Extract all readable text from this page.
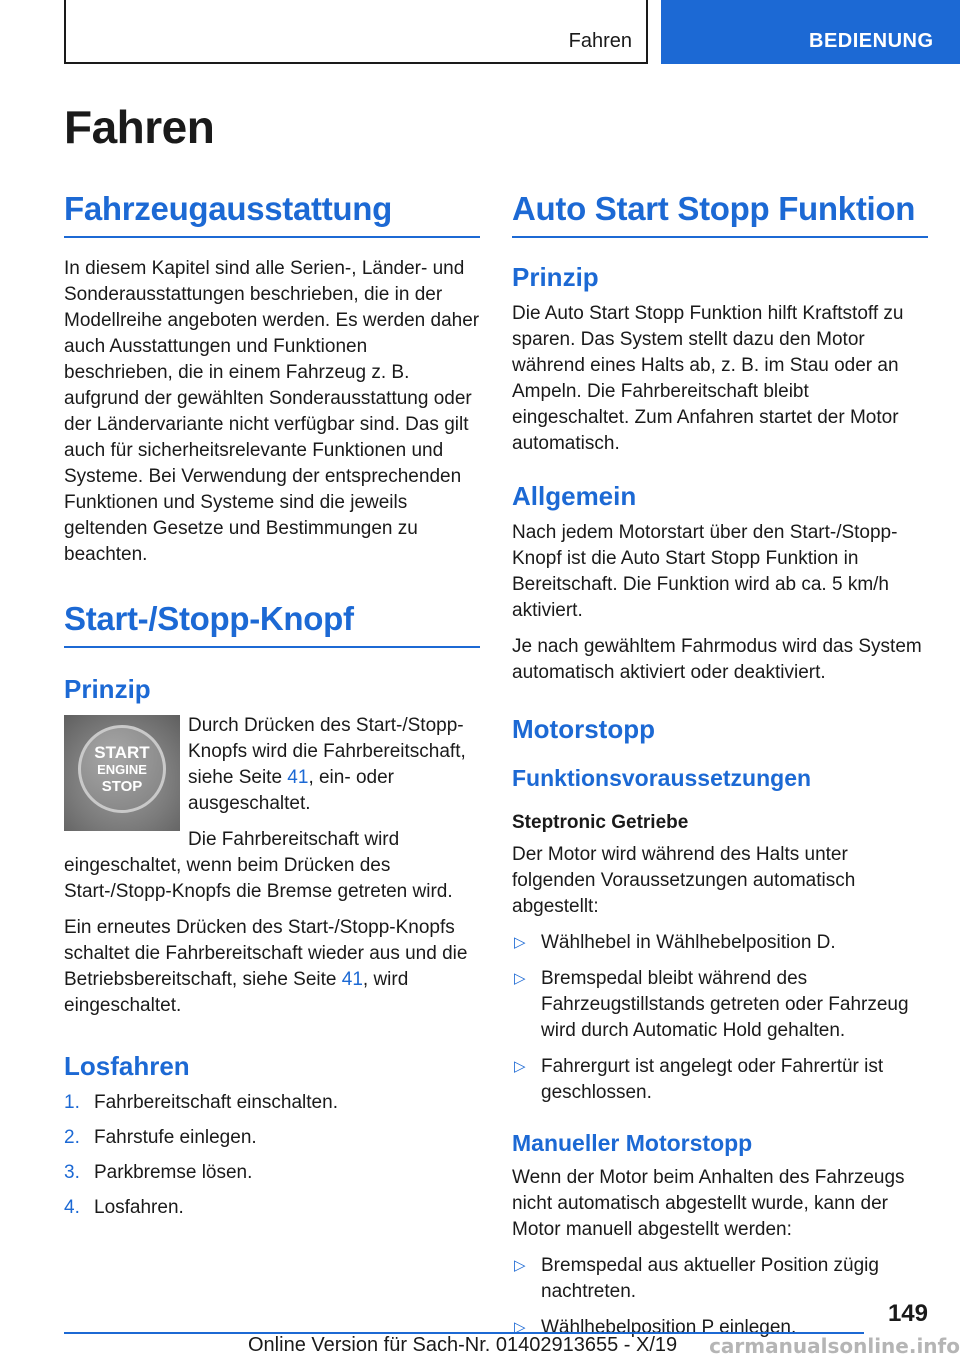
Fahren	BEDIENUNG
Fahren
Fahrzeugausstattung

In diesem Kapitel sind alle Serien-, Länder- und Sonderausstattungen beschrieben, die in der Modellreihe angeboten werden. Es werden daher auch Ausstattungen und Funktionen beschrieben, die in einem Fahrzeug z. B. aufgrund der gewählten Sonderausstattung oder der Ländervariante nicht verfügbar sind. Das gilt auch für sicherheitsrelevante Funktionen und Systeme. Bei Verwendung der entsprechenden Funktionen und Systeme sind die jeweils geltenden Gesetze und Bestimmungen zu beachten.

Start-/Stopp-Knopf
Prinzip
START
ENGINE
STOP

Durch Drücken des Start-/Stopp-Knopfs wird die Fahrbereitschaft, siehe Seite 41, ein- oder ausgeschaltet.

Die Fahrbereitschaft wird eingeschaltet, wenn beim Drücken des Start-/Stopp-Knopfs die Bremse getreten wird.

Ein erneutes Drücken des Start-/Stopp-Knopfs schaltet die Fahrbereitschaft wieder aus und die Betriebsbereitschaft, siehe Seite 41, wird eingeschaltet.

Losfahren
1. Fahrbereitschaft einschalten.
2. Fahrstufe einlegen.
3. Parkbremse lösen.
4. Losfahren.
Auto Start Stopp Funktion
Prinzip

Die Auto Start Stopp Funktion hilft Kraftstoff zu sparen. Das System stellt dazu den Motor während eines Halts ab, z. B. im Stau oder an Ampeln. Die Fahrbereitschaft bleibt eingeschaltet. Zum Anfahren startet der Motor automatisch.

Allgemein

Nach jedem Motorstart über den Start-/Stopp-Knopf ist die Auto Start Stopp Funktion in Bereitschaft. Die Funktion wird ab ca. 5 km/h aktiviert.

Je nach gewähltem Fahrmodus wird das System automatisch aktiviert oder deaktiviert.

Motorstopp
Funktionsvoraussetzungen
Steptronic Getriebe

Der Motor wird während des Halts unter folgenden Voraussetzungen automatisch abgestellt:

▷ Wählhebel in Wählhebelposition D.
▷ Bremspedal bleibt während des Fahrzeugstillstands getreten oder Fahrzeug wird durch Automatic Hold gehalten.
▷ Fahrergurt ist angelegt oder Fahrertür ist geschlossen.
Manueller Motorstopp

Wenn der Motor beim Anhalten des Fahrzeugs nicht automatisch abgestellt wurde, kann der Motor manuell abgestellt werden:

▷ Bremspedal aus aktueller Position zügig nachtreten.
▷ Wählhebelposition P einlegen.
149
Online Version für Sach-Nr. 01402913655 - X/19 carmanualsonline.info
